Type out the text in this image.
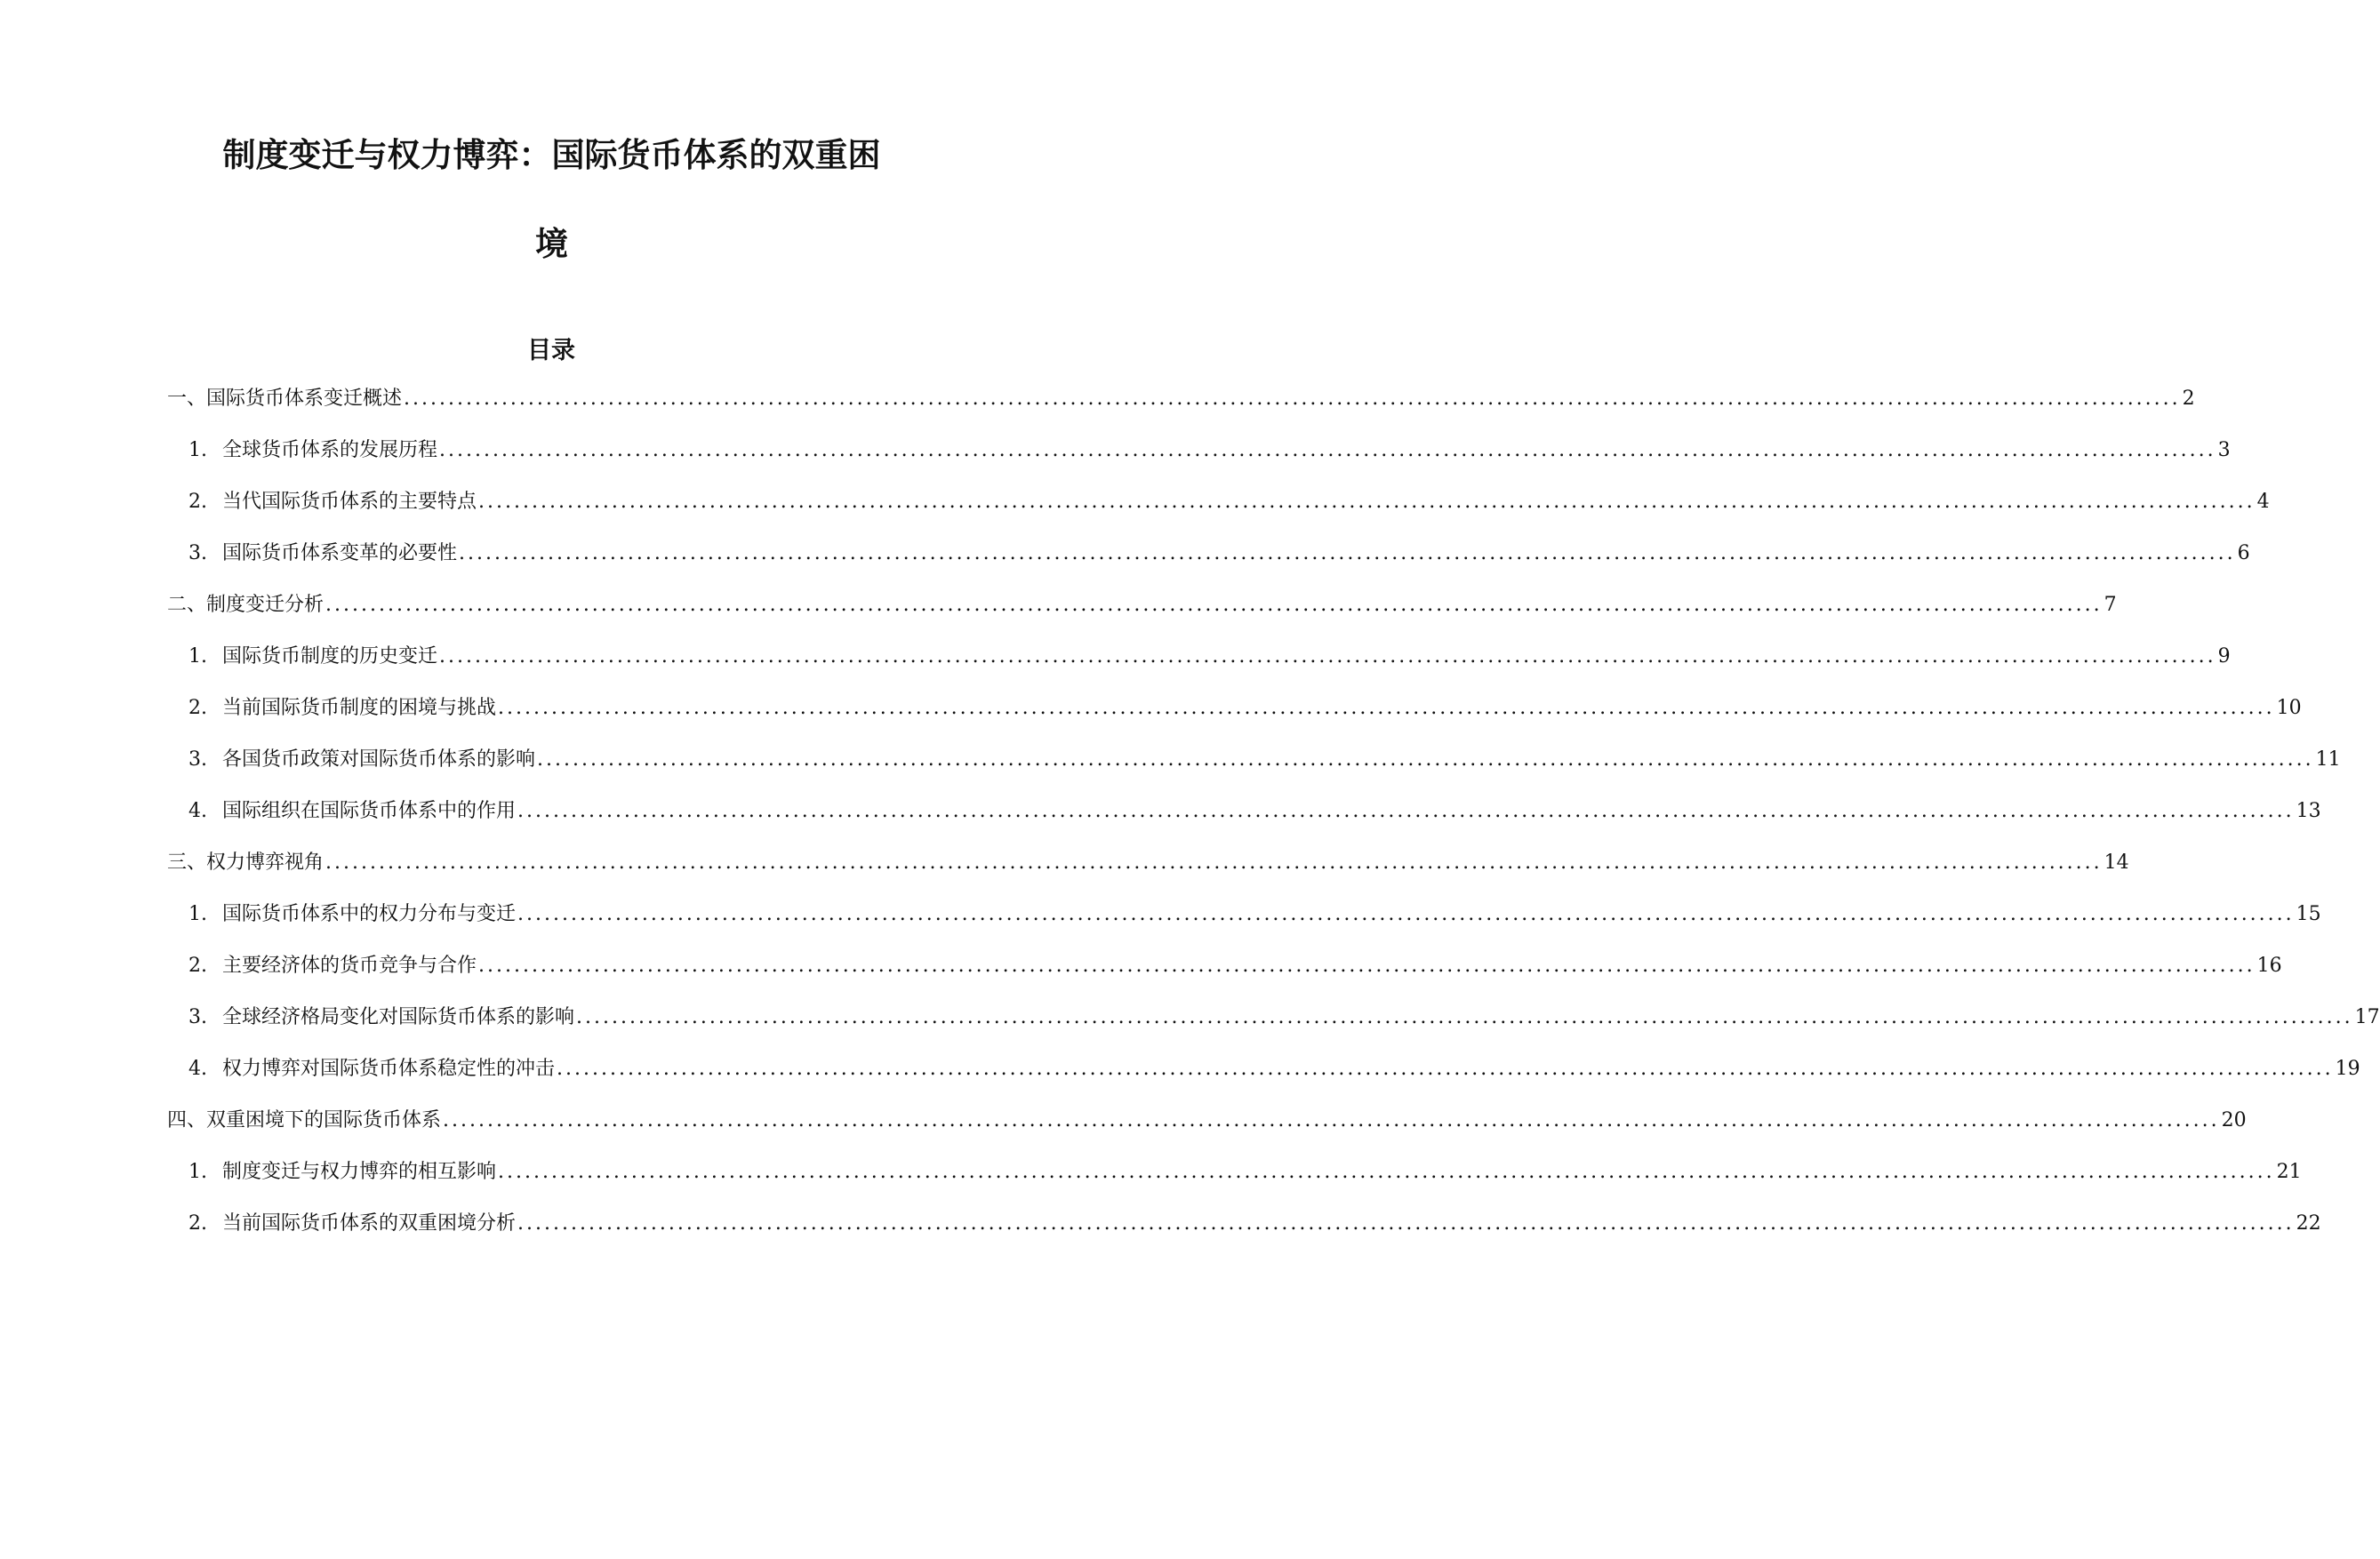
制度变迁与权力博弈：国际货币体系的双重困
境
目录
一、国际货币体系变迁概述 ........................................................................................................................................................................................................ 2
1. 全球货币体系的发展历程 ........................................................................................................................................................................................................ 3
2. 当代国际货币体系的主要特点 ........................................................................................................................................................................................................ 4
3. 国际货币体系变革的必要性 ........................................................................................................................................................................................................ 6
二、制度变迁分析 ........................................................................................................................................................................................................ 7
1. 国际货币制度的历史变迁 ........................................................................................................................................................................................................ 9
2. 当前国际货币制度的困境与挑战 ........................................................................................................................................................................................................ 10
3. 各国货币政策对国际货币体系的影响 ........................................................................................................................................................................................................ 11
4. 国际组织在国际货币体系中的作用 ........................................................................................................................................................................................................ 13
三、权力博弈视角 ........................................................................................................................................................................................................ 14
1. 国际货币体系中的权力分布与变迁 ........................................................................................................................................................................................................ 15
2. 主要经济体的货币竞争与合作 ........................................................................................................................................................................................................ 16
3. 全球经济格局变化对国际货币体系的影响 ........................................................................................................................................................................................................ 17
4. 权力博弈对国际货币体系稳定性的冲击 ........................................................................................................................................................................................................ 19
四、双重困境下的国际货币体系 ........................................................................................................................................................................................................ 20
1. 制度变迁与权力博弈的相互影响 ........................................................................................................................................................................................................ 21
2. 当前国际货币体系的双重困境分析 ........................................................................................................................................................................................................ 22
